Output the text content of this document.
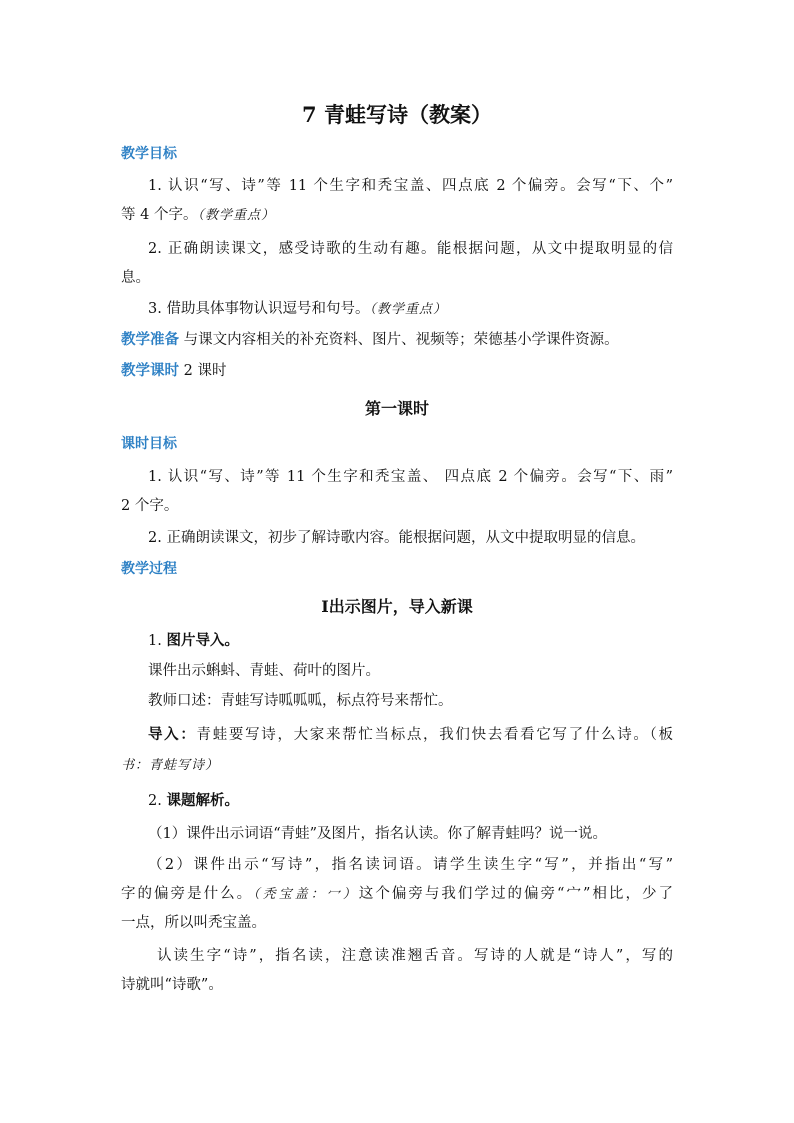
7 青蛙写诗（教案）
教学目标
1. 认识“写、诗”等 11 个生字和秃宝盖、四点底 2 个偏旁。会写“下、个”
等 4 个字。（教学重点）
2. 正确朗读课文，感受诗歌的生动有趣。能根据问题，从文中提取明显的信
息。
3. 借助具体事物认识逗号和句号。（教学重点）
教学准备 与课文内容相关的补充资料、图片、视频等；荣德基小学课件资源。
教学课时 2 课时
第一课时
课时目标
1. 认识“写、诗”等 11 个生字和秃宝盖、 四点底 2 个偏旁。会写“下、雨”
2 个字。
2. 正确朗读课文，初步了解诗歌内容。能根据问题，从文中提取明显的信息。
教学过程
Ⅰ出示图片，导入新课
1. 图片导入。
课件出示蝌蚪、青蛙、荷叶的图片。
教师口述：青蛙写诗呱呱呱，标点符号来帮忙。
导入：青蛙要写诗，大家来帮忙当标点，我们快去看看它写了什么诗。（板
书：青蛙写诗）
2. 课题解析。
（1）课件出示词语“青蛙”及图片，指名认读。你了解青蛙吗？说一说。
（2）课件出示“写诗”，指名读词语。请学生读生字“写”，并指出“写”
字的偏旁是什么。（秃宝盖：冖）这个偏旁与我们学过的偏旁“宀”相比，少了
一点，所以叫秃宝盖。
认读生字“诗”，指名读，注意读准翘舌音。写诗的人就是“诗人”，写的
诗就叫“诗歌”。
